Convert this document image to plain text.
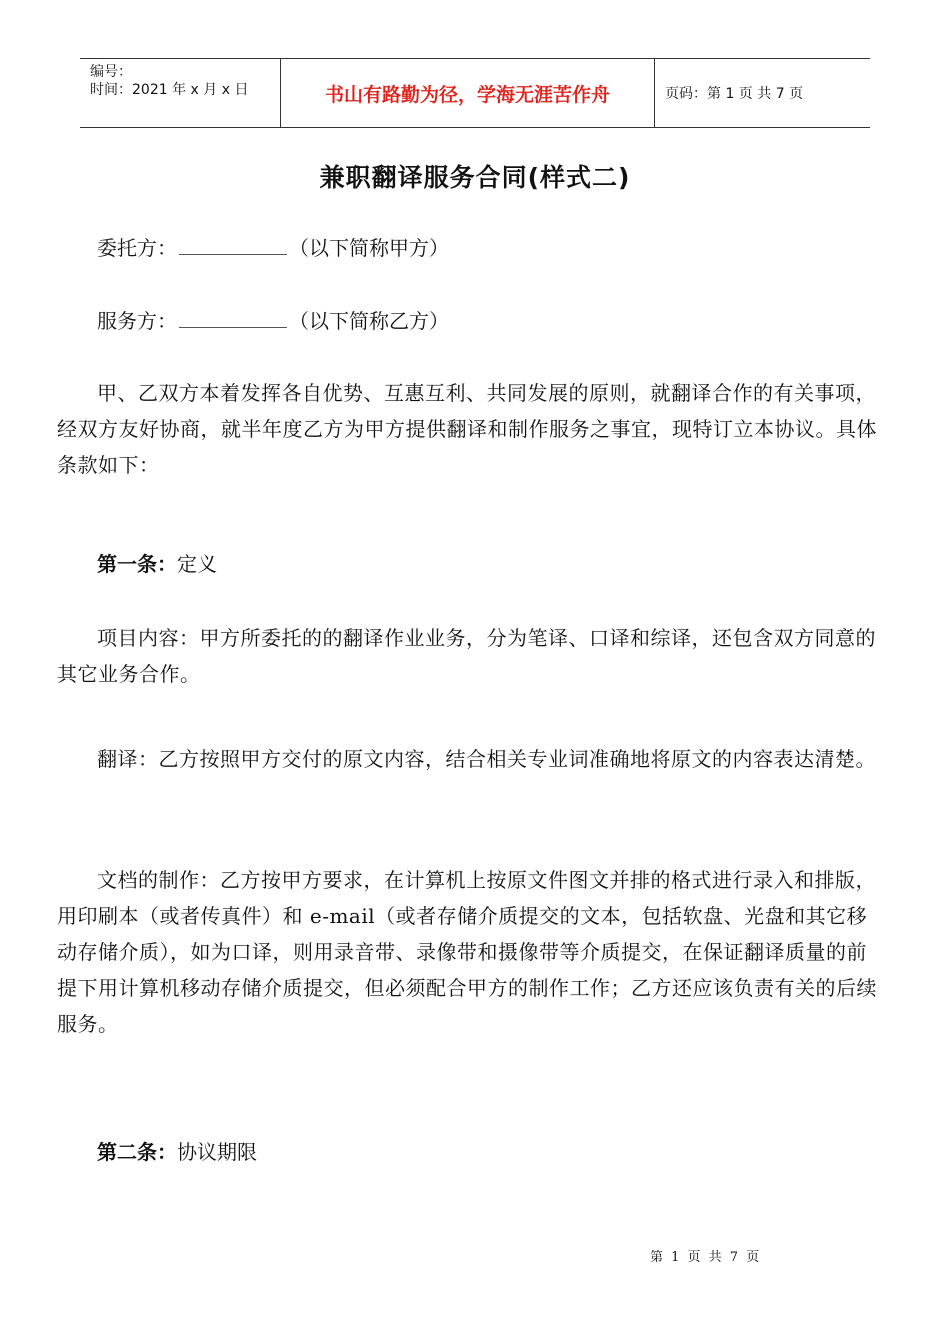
编号：
时间：2021 年 x 月 x 日	书山有路勤为径，学海无涯苦作舟	页码：第 1 页 共 7 页
兼职翻译服务合同(样式二)
委托方：	（以下简称甲方）
服务方：	（以下简称乙方）
甲、乙双方本着发挥各自优势、互惠互利、共同发展的原则，就翻译合作的有关事项，经双方友好协商，就半年度乙方为甲方提供翻译和制作服务之事宜，现特订立本协议。具体条款如下：
第一条：定义
项目内容：甲方所委托的的翻译作业业务，分为笔译、口译和综译，还包含双方同意的其它业务合作。
翻译：乙方按照甲方交付的原文内容，结合相关专业词准确地将原文的内容表达清楚。
文档的制作：乙方按甲方要求，在计算机上按原文件图文并排的格式进行录入和排版，用印刷本（或者传真件）和 e-mail（或者存储介质提交的文本，包括软盘、光盘和其它移动存储介质），如为口译，则用录音带、录像带和摄像带等介质提交，在保证翻译质量的前提下用计算机移动存储介质提交，但必须配合甲方的制作工作；乙方还应该负责有关的后续服务。
第二条：协议期限
第 1 页 共 7 页
